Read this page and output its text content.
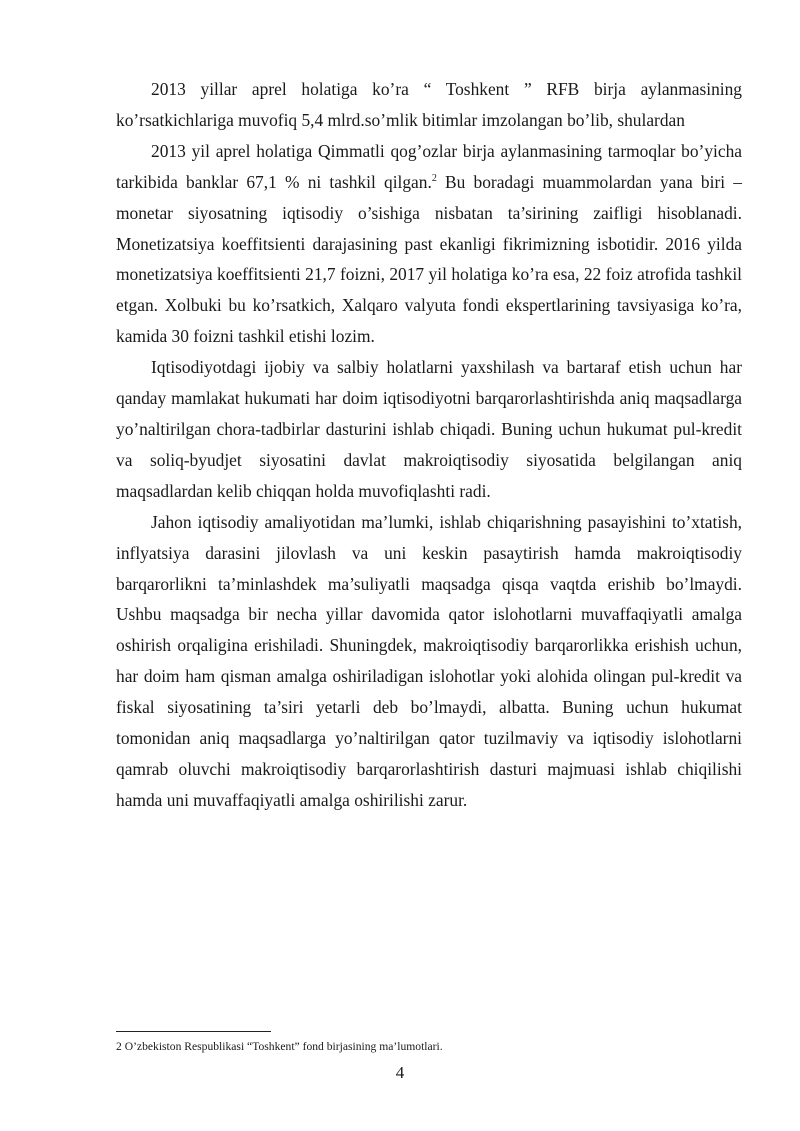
2013 yillar aprel holatiga ko’ra “ Toshkent ” RFB birja aylanmasining ko’rsatkichlariga muvofiq 5,4 mlrd.so’mlik bitimlar imzolangan bo’lib, shulardan

2013 yil aprel holatiga Qimmatli qog’ozlar birja aylanmasining tarmoqlar bo’yicha tarkibida banklar 67,1 % ni tashkil qilgan.$^2$ Bu boradagi muammolardan yana biri – monetar siyosatning iqtisodiy o’sishiga nisbatan ta’sirining zaifligi hisoblanadi. Monetizatsiya koeffitsienti darajasining past ekanligi fikrimizning isbotidir. 2016 yilda monetizatsiya koeffitsienti 21,7 foizni, 2017 yil holatiga ko’ra esa, 22 foiz atrofida tashkil etgan. Xolbuki bu ko’rsatkich, Xalqaro valyuta fondi ekspertlarining tavsiyasiga ko’ra, kamida 30 foizni tashkil etishi lozim.

Iqtisodiyotdagi ijobiy va salbiy holatlarni yaxshilash va bartaraf etish uchun har qanday mamlakat hukumati har doim iqtisodiyotni barqarorlashtirishda aniq maqsadlarga yo’naltirilgan chora-tadbirlar dasturini ishlab chiqadi. Buning uchun hukumat pul-kredit va soliq-byudjet siyosatini davlat makroiqtisodiy siyosatida belgilangan aniq maqsadlardan kelib chiqqan holda muvofiqlashti radi.

Jahon iqtisodiy amaliyotidan ma’lumki, ishlab chiqarishning pasayishini to’xtatish, inflyatsiya darasini jilovlash va uni keskin pasaytirish hamda makroiqtisodiy barqarorlikni ta’minlashdek ma’suliyatli maqsadga qisqa vaqtda erishib bo’lmaydi. Ushbu maqsadga bir necha yillar davomida qator islohotlarni muvaffaqiyatli amalga oshirish orqaligina erishiladi. Shuningdek, makroiqtisodiy barqarorlikka erishish uchun, har doim ham qisman amalga oshiriladigan islohotlar yoki alohida olingan pul-kredit va fiskal siyosatining ta’siri yetarli deb bo’lmaydi, albatta. Buning uchun hukumat tomonidan aniq maqsadlarga yo’naltirilgan qator tuzilmaviy va iqtisodiy islohotlarni qamrab oluvchi makroiqtisodiy barqarorlashtirish dasturi majmuasi ishlab chiqilishi hamda uni muvaffaqiyatli amalga oshirilishi zarur.

2 O’zbekiston Respublikasi “Toshkent” fond birjasining ma’lumotlari.
4
